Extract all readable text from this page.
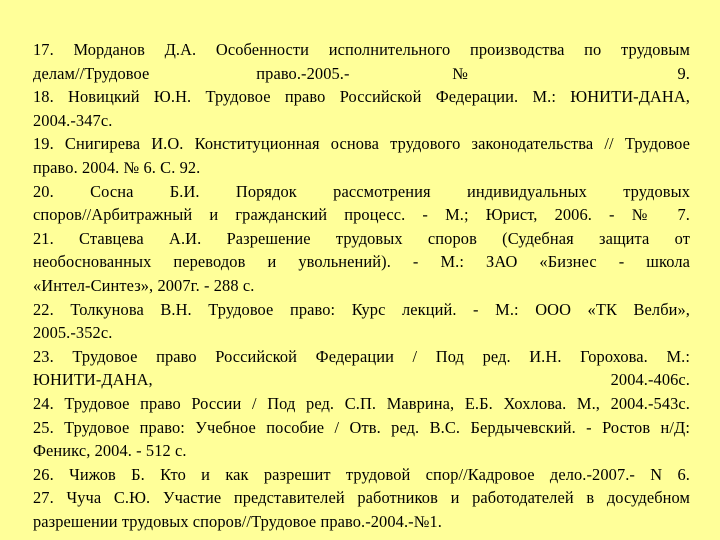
17. Морданов Д.А. Особенности исполнительного производства по трудовым

делам//Трудовое право.-2005.-№ 9.

18. Новицкий Ю.Н. Трудовое право Российской Федерации. М.: ЮНИТИ-ДАНА,

2004.-347с.

19. Снигирева И.О. Конституционная основа трудового законодательства // Трудовое

право. 2004. № 6. С. 92.

20. Сосна Б.И. Порядок рассмотрения индивидуальных трудовых

споров//Арбитражный и гражданский процесс. - М.; Юрист, 2006. - № 7.

21. Ставцева А.И. Разрешение трудовых споров (Судебная защита от

необоснованных переводов и увольнений). - М.: ЗАО «Бизнес - школа

«Интел-Синтез», 2007г. - 288 с.

22. Толкунова В.Н. Трудовое право: Курс лекций. - М.: ООО «ТК Велби»,

2005.-352с.

23. Трудовое право Российской Федерации / Под ред. И.Н. Горохова. М.:

ЮНИТИ-ДАНА, 2004.-406с.

24. Трудовое право России / Под ред. С.П. Маврина, Е.Б. Хохлова. М., 2004.-543с.

25. Трудовое право: Учебное пособие / Отв. ред. В.С. Бердычевский. - Ростов н/Д:

Феникс, 2004. - 512 с.

26. Чижов Б. Кто и как разрешит трудовой спор//Кадровое дело.-2007.- N 6.

27. Чуча С.Ю. Участие представителей работников и работодателей в досудебном

разрешении трудовых споров//Трудовое право.-2004.-№1.
